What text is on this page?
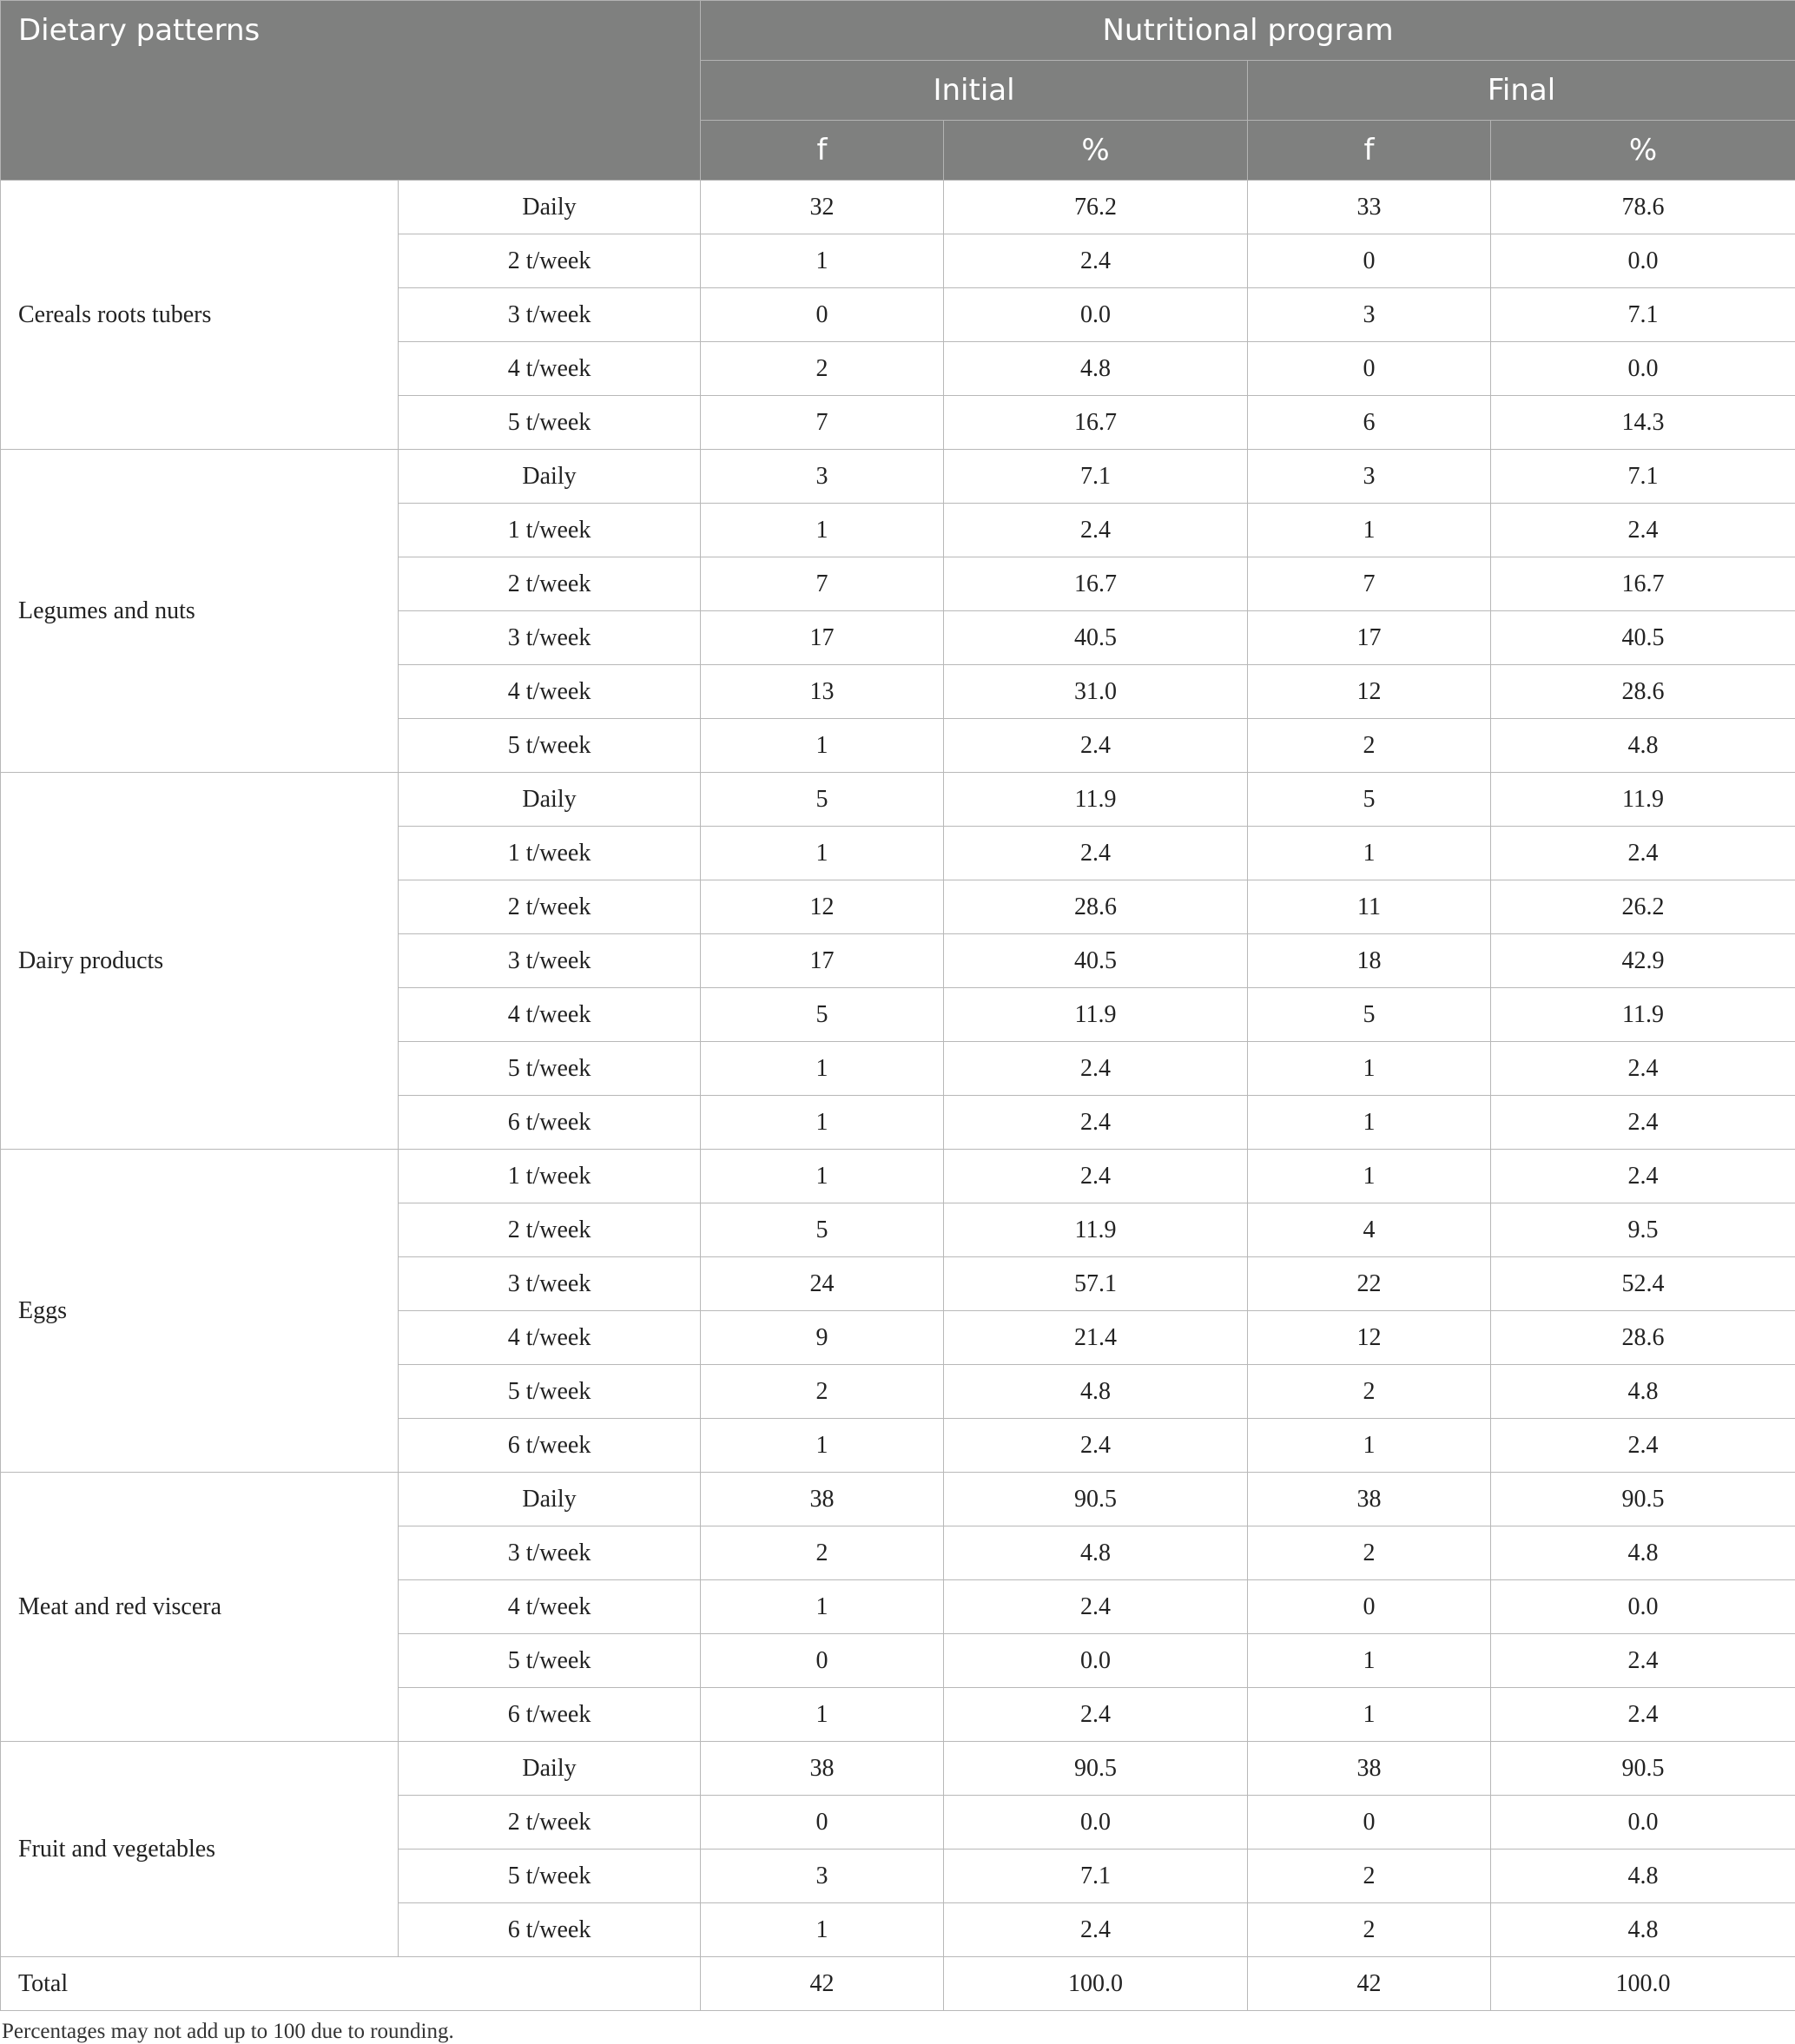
Dietary patterns		Nutritional program			
		Initial		Final	
		f	%	f	%
Cereals roots tubers	Daily	32	76.2	33	78.6
	2 t/week	1	2.4	0	0.0
	3 t/week	0	0.0	3	7.1
	4 t/week	2	4.8	0	0.0
	5 t/week	7	16.7	6	14.3
Legumes and nuts	Daily	3	7.1	3	7.1
	1 t/week	1	2.4	1	2.4
	2 t/week	7	16.7	7	16.7
	3 t/week	17	40.5	17	40.5
	4 t/week	13	31.0	12	28.6
	5 t/week	1	2.4	2	4.8
Dairy products	Daily	5	11.9	5	11.9
	1 t/week	1	2.4	1	2.4
	2 t/week	12	28.6	11	26.2
	3 t/week	17	40.5	18	42.9
	4 t/week	5	11.9	5	11.9
	5 t/week	1	2.4	1	2.4
	6 t/week	1	2.4	1	2.4
Eggs	1 t/week	1	2.4	1	2.4
	2 t/week	5	11.9	4	9.5
	3 t/week	24	57.1	22	52.4
	4 t/week	9	21.4	12	28.6
	5 t/week	2	4.8	2	4.8
	6 t/week	1	2.4	1	2.4
Meat and red viscera	Daily	38	90.5	38	90.5
	3 t/week	2	4.8	2	4.8
	4 t/week	1	2.4	0	0.0
	5 t/week	0	0.0	1	2.4
	6 t/week	1	2.4	1	2.4
Fruit and vegetables	Daily	38	90.5	38	90.5
	2 t/week	0	0.0	0	0.0
	5 t/week	3	7.1	2	4.8
	6 t/week	1	2.4	2	4.8
Total		42	100.0	42	100.0
Percentages may not add up to 100 due to rounding.
